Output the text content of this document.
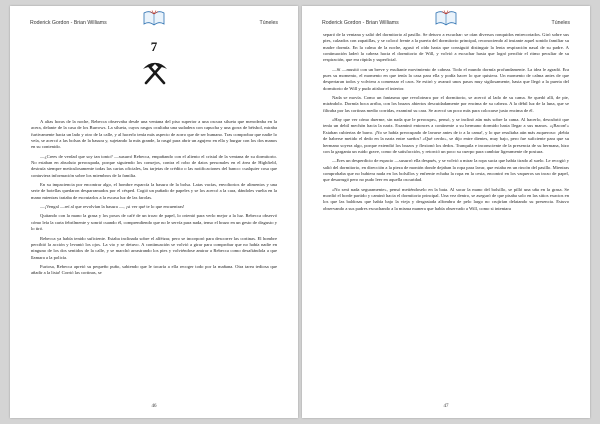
Roderick Gordon - Brian Williams	Túneles
7

A altas horas de la noche, Rebecca observaba desde una ventana del piso superior a una oscura silueta que merodeaba en la acera, delante de la casa de los Burrows. La silueta, cuyos rasgos ocultaba una sudadera con capucha y una gorra de béisbol, miraba furtivamente hacia un lado y otro de la calle, y al hacerlo tenía más aspecto de zorro que de ser humano. Tras comprobar que nadie lo veía, se acercó a las bolsas de la basura y, sujetando la más grande, la rasgó para abrir un agujero en ella y hurgar con los dos manos en su contenido.

—¿Crees de verdad que soy tan tonto? —susurró Rebecca, empañando con el aliento el cristal de la ventana de su dormitorio. No estaban en absoluto preocupada, porque siguiendo los consejos, contra el robo de datos personales en el área de Highfield, destruía siempre meticulosamente todas las cartas oficiales, las tarjetas de crédito o las notificaciones del banco: cualquier cosa que contuviera información sobre los miembros de la familia.

En su impaciencia por encontrar algo, el hombre esparcía la basura de la bolsa. Latas vacías, envoltorios de alimentos y una serie de botellas quedaron desparramados por el césped. Cogió un puñado de papeles y se los acercó a la cara, dándoles vuelta en la mano mientras trataba de escrutarlos a la escasa luz de las farolas.

—¡Vengal —reí al que revolvían la basura —, ¡si ver qué te lo que encuentras!

Quitando con la mano la grasa y los posos de café de un trozo de papel, lo orientó para verlo mejor a la luz. Rebecca observó cómo leía la carta febrilmente y sonrió cuando él, comprendiendo que no le servía para nada, tenso el brazo en un gesto de disgusto y lo tiró.

Rebecca ya había tenido suficiente. Estaba inclinada sobre el alféizar, pero se incorporó para descorrer las cortinas. El hombre percibió la acción y levantó los ojos. La vio y se detuvo. A continuación se volvió a girar para comprobar que no había nadie en ninguno de los dos sentidos de la calle, y se marchó arrastrando los pies y volviéndose amirar a Rebecca como desafiándola a que llamara a la policía.

Furiosa, Rebecca apretó su pequeño puño, sabiendo que le tocaría a ella recoger todo por la mañana. Otra tarea tediosa que añadir a la lista! Corrió las cortinas, se

46
Roderick Gordon - Brian Williams	Túneles

separó de la ventana y salió del dormitorio al pasillo. Se detuvo a escuchar: se oían diversos ronquidos entrecortados. Giró sobre sus pies, calzados con zapatillas, y se colocó frente a la puerta del dormitorio principal, reconociendo al instante aquel sonido familiar su madre dormía. En la calma de la noche, agusó el oído hasta que consiguió distinguir la lenta respiración nasal de su padre. A continuación ladeó la cabeza hacia el dormitorio de Will, y volvió a escuchar hasta que logró percibir el ritmo peculiar de su respiración, que era rápida y superficial.

—Sí —musitó con un breve y exultante movimiento de cabeza. Todo el mundo dormía profundamente. La idea le agradó. Era pues su momento, el momento en que tenía la casa para ella y podía hacer lo que quisiera. Un momento de calma antes de que despertaran todos y volviera a comenzar el caos. Se estiró y avanzó unos pasos muy sigilosamente, hasta que llegó a la puerta del dormitorio de Will y pudo atisbar el interior.

Nada se movía. Como un fantasma que revoloteara por el dormitorio, se acercó al lado de su cama. Se quedó allí, de pie, mirándolo. Dormía boca arriba, con los brazos abiertos descuidadamente por encima de su cabeza. A la débil luz de la luna, que se filtraba por las cortinas medio corridas, examinó su cara. Se acercó un poco más para colocarse justo encima de él.

«Hay que ver cómo duerme, sin nada que le preocupe», pensó, y se inclinó aún más sobre la cama. Al hacerlo, descubrió que tenía un debil mechón hacia la nariz. Examinó entonces a continente a su hermano dormido hasta llegar a sus manos. «¡Bacon!» Estaban cubiertas de barro. ¡No se había preocupado de lavarse antes de ir a la cama!, y lo que resultaba aún más asqueroso: ¡debía de haberse metido el dedo en la nariz entre sueños! «Qué cerdo», se dijo entre dientes, muy bajo, pero fue suficiente para que su hermano soyera algo, porque extendió los brazos y flexionó los dedos. Tranquila e inconsciente de la presencia de su hermana, hizo con la garganta un ruido grave, como de satisfacción, y retorció un poco su cuerpo para cambiar ligeramente de postura.

—Eres un desperdicio de espacio —susurró ella después, y se volvió a mirar la ropa sucia que había tirado al suelo. Le recogió y salió del dormitorio, en dirección a la pieza de montón donde dejaban la ropa para lavar, que estaba en un rincón del pasillo. Mientras comprobaba que no hubiera nada en los bolsillos y enfrente echaba la ropa en la cesta, encontró en los vaqueros un trozo de papel, que desarrugó pero no pudo leer en aquella oscuridad.

«No será nada seguramente», pensó metiéndoselo en la bata. Al sacar la mano del bolsillo, se pilló una uña en la grasa. Se mordió el borde partido y caminó hacia el dormitorio principal. Una vez dentro, se aseguró de que pisaba solo en las sitios exactos en los que las baldosas que había bajo la vieja y desgastada alfombra de pelo largo no crujirían delatando su presencia. Estuvo observando a sus padres escuchando a la misma manera que había observado a Will, como si intentara

47
